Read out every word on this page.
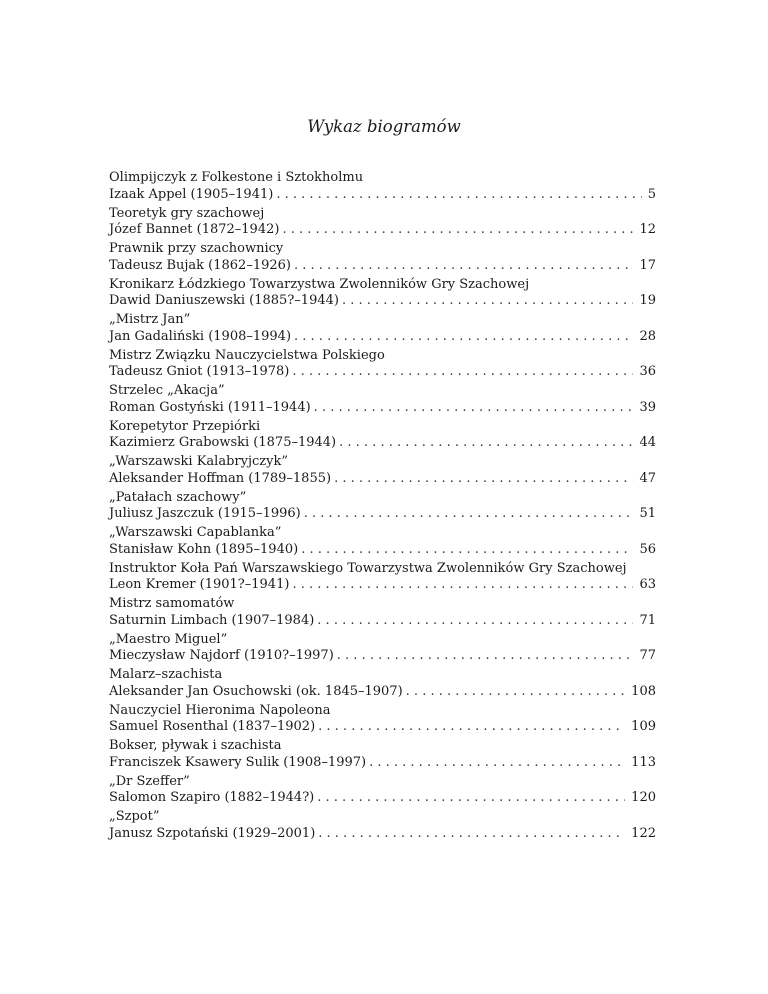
Wykaz biogramów
Olimpijczyk z Folkestone i Sztokholmu
Izaak Appel (1905–1941) . . .	5
Teoretyk gry szachowej
Józef Bannet (1872–1942) . . .	12
Prawnik przy szachownicy
Tadeusz Bujak (1862–1926) . . .	17
Kronikarz Łódzkiego Towarzystwa Zwolenników Gry Szachowej
Dawid Daniuszewski (1885?–1944) . . .	19
„Mistrz Jan”
Jan Gadaliński (1908–1994) . . .	28
Mistrz Związku Nauczycielstwa Polskiego
Tadeusz Gniot (1913–1978) . . .	36
Strzelec „Akacja”
Roman Gostyński (1911–1944) . . .	39
Korepetytor Przepiórki
Kazimierz Grabowski (1875–1944) . . .	44
„Warszawski Kalabryjczyk”
Aleksander Hoffman (1789–1855) . . .	47
„Patałach szachowy”
Juliusz Jaszczuk (1915–1996) . . .	51
„Warszawski Capablanka”
Stanisław Kohn (1895–1940) . . .	56
Instruktor Koła Pań Warszawskiego Towarzystwa Zwolenników Gry Szachowej
Leon Kremer (1901?–1941) . . .	63
Mistrz samomatów
Saturnin Limbach (1907–1984) . . .	71
„Maestro Miguel”
Mieczysław Najdorf (1910?–1997) . . .	77
Malarz–szachista
Aleksander Jan Osuchowski (ok. 1845–1907) . . .	108
Nauczyciel Hieronima Napoleona
Samuel Rosenthal (1837–1902) . . .	109
Bokser, pływak i szachista
Franciszek Ksawery Sulik (1908–1997) . . .	113
„Dr Szeffer”
Salomon Szapiro (1882–1944?) . . .	120
„Szpot”
Janusz Szpotański (1929–2001) . . .	122
